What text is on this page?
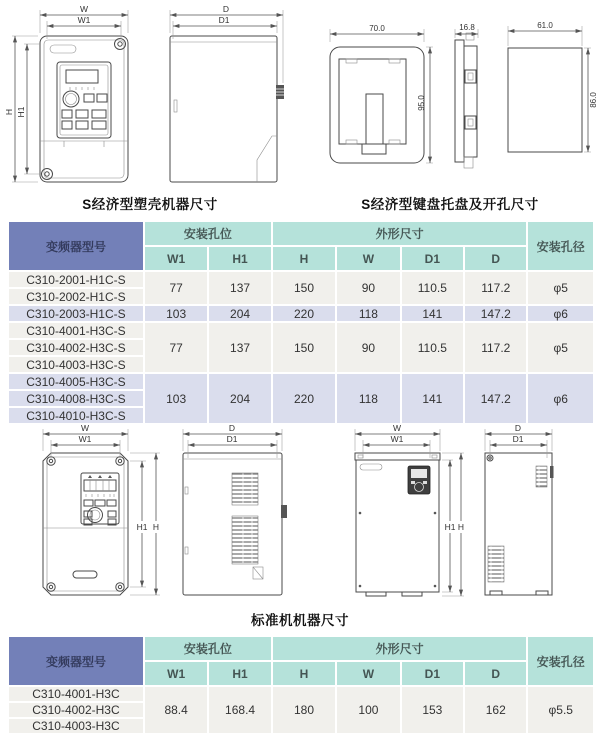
W
W1
H H1
D
D1
70.0
95.0
16.8	61.0
86.0
S经济型塑壳机器尺寸	S经济型键盘托盘及开孔尺寸
变频器型号	安装孔位		外形尺寸				安装孔径
	W1	H1	H	W	D1	D	
C310-2001-H1C-S	77	137	150	90	110.5	117.2	φ5
C310-2002-H1C-S							
C310-2003-H1C-S	103	204	220	118	141	147.2	φ6
C310-4001-H3C-S	77	137	150	90	110.5	117.2	φ5
C310-4002-H3C-S							
C310-4003-H3C-S							
C310-4005-H3C-S	103	204	220	118	141	147.2	φ6
C310-4008-H3C-S							
C310-4010-H3C-S							
W
W1
H1 H
D
D1
W
W1
H1 H
D
D1
标准机机器尺寸
变频器型号	安装孔位		外形尺寸				安装孔径
	W1	H1	H	W	D1	D	
C310-4001-H3C	88.4	168.4	180	100	153	162	φ5.5
C310-4002-H3C							
C310-4003-H3C							
